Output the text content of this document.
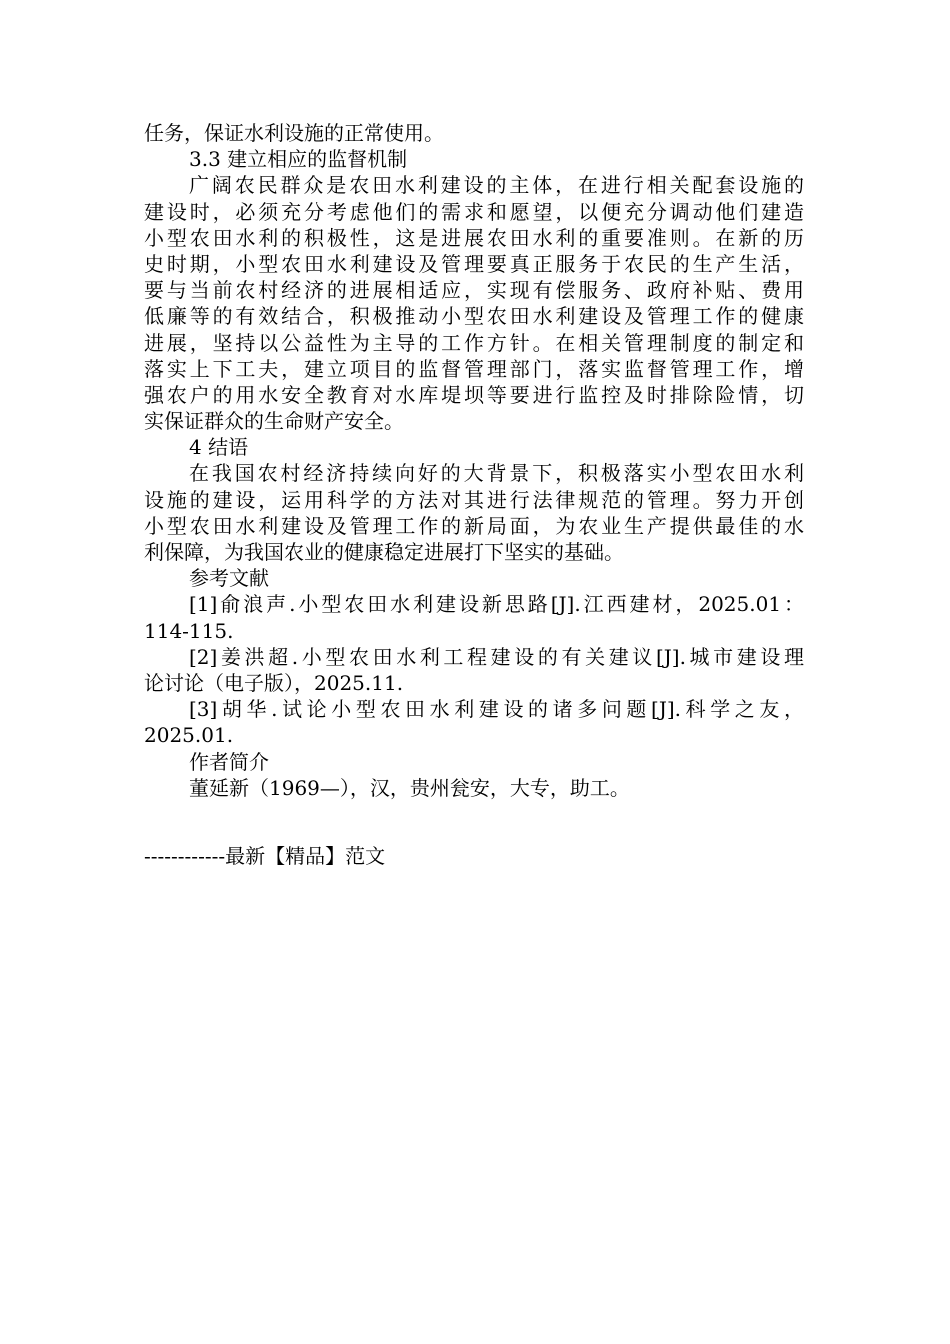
任务，保证水利设施的正常使用。
3.3 建立相应的监督机制
广阔农民群众是农田水利建设的主体，在进行相关配套设施的
建设时，必须充分考虑他们的需求和愿望，以便充分调动他们建造
小型农田水利的积极性，这是进展农田水利的重要准则。在新的历
史时期，小型农田水利建设及管理要真正服务于农民的生产生活，
要与当前农村经济的进展相适应，实现有偿服务、政府补贴、费用
低廉等的有效结合，积极推动小型农田水利建设及管理工作的健康
进展，坚持以公益性为主导的工作方针。在相关管理制度的制定和
落实上下工夫，建立项目的监督管理部门，落实监督管理工作，增
强农户的用水安全教育对水库堤坝等要进行监控及时排除险情，切
实保证群众的生命财产安全。
4 结语
在我国农村经济持续向好的大背景下，积极落实小型农田水利
设施的建设，运用科学的方法对其进行法律规范的管理。努力开创
小型农田水利建设及管理工作的新局面，为农业生产提供最佳的水
利保障，为我国农业的健康稳定进展打下坚实的基础。
参考文献
[1]俞浪声.小型农田水利建设新思路[J].江西建材，2025.01：
114-115.
[2]姜洪超.小型农田水利工程建设的有关建议[J].城市建设理
论讨论（电子版），2025.11.
[3]胡华.试论小型农田水利建设的诸多问题[J].科学之友，
2025.01.
作者简介
董延新（1969—），汉，贵州瓮安，大专，助工。
------------最新【精品】范文
